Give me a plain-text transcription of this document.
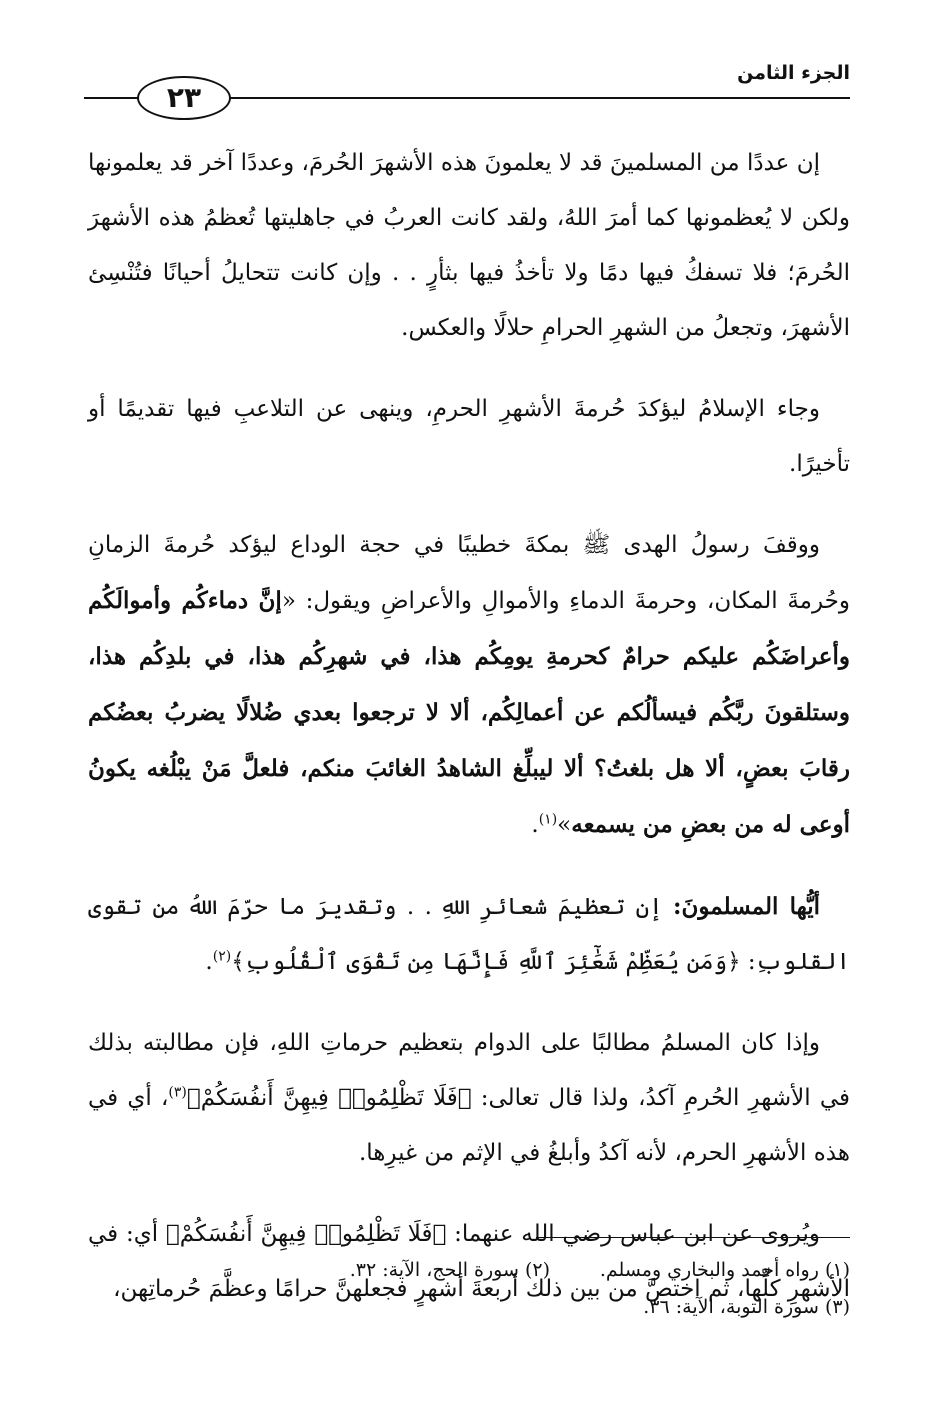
الجزء الثامن
٢٣

إن عددًا من المسلمينَ قد لا يعلمونَ هذه الأشهرَ الحُرمَ، وعددًا آخر قد يعلمونها ولكن لا يُعظمونها كما أمرَ اللهُ، ولقد كانت العربُ في جاهليتها تُعظمُ هذه الأشهرَ الحُرمَ؛ فلا تسفكُ فيها دمًا ولا تأخذُ فيها بثأرٍ . . وإن كانت تتحايلُ أحيانًا فتُنْسِئ الأشهرَ، وتجعلُ من الشهرِ الحرامِ حلالًا والعكس.

وجاء الإسلامُ ليؤكدَ حُرمةَ الأشهرِ الحرمِ، وينهى عن التلاعبِ فيها تقديمًا أو تأخيرًا.

ووقفَ رسولُ الهدى ﷺ بمكةَ خطيبًا في حجة الوداع ليؤكد حُرمةَ الزمانِ وحُرمةَ المكان، وحرمةَ الدماءِ والأموالِ والأعراضِ ويقول: «إنَّ دماءكُم وأموالَكُم وأعراضَكُم عليكم حرامٌ كحرمةِ يومِكُم هذا، في شهرِكُم هذا، في بلدِكُم هذا، وستلقونَ ربَّكُم فيسألُكم عن أعمالِكُم، ألا لا ترجعوا بعدي ضُلالًا يضربُ بعضُكم رقابَ بعضٍ، ألا هل بلغتُ؟ ألا ليبلِّغ الشاهدُ الغائبَ منكم، فلعلَّ مَنْ يبْلُغه يكونُ أوعى له من بعضِ من يسمعه»$^{(١)}$.

أيُّها المسلمونَ: إن تعظيمَ شعائرِ اللهِ . . وتقديرَ ما حرّمَ اللهُ من تقوى القلوبِ: ﴿وَمَن يُعَظِّمْ شَعَٰٓئِرَ ٱللَّهِ فَإِنَّهَا مِن تَقْوَى ٱلْقُلُوبِ﴾$^{(٢)}$.

وإذا كان المسلمُ مطالبًا على الدوام بتعظيم حرماتِ اللهِ، فإن مطالبته بذلك في الأشهرِ الحُرمِ آكدُ، ولذا قال تعالى: ﴿فَلَا تَظْلِمُوا۟ فِيهِنَّ أَنفُسَكُمْ﴾$^{(٣)}$، أي في هذه الأشهرِ الحرم، لأنه آكدُ وأبلغُ في الإثم من غيرِها.

ويُروى عن ابن عباس رضي الله عنهما: ﴿فَلَا تَظْلِمُوا۟ فِيهِنَّ أَنفُسَكُمْ﴾ أي: في الأشهرِ كلِّها، ثم اختصَّ من بين ذلك أربعةَ أشهرٍ فجعلهنَّ حرامًا وعظَّمَ حُرماتِهن،

(١) رواه أحمد والبخاري ومسلم.
(٢) سورة الحج، الآية: ٣٢.
(٣) سورة التوبة، الآية: ٣٦.
